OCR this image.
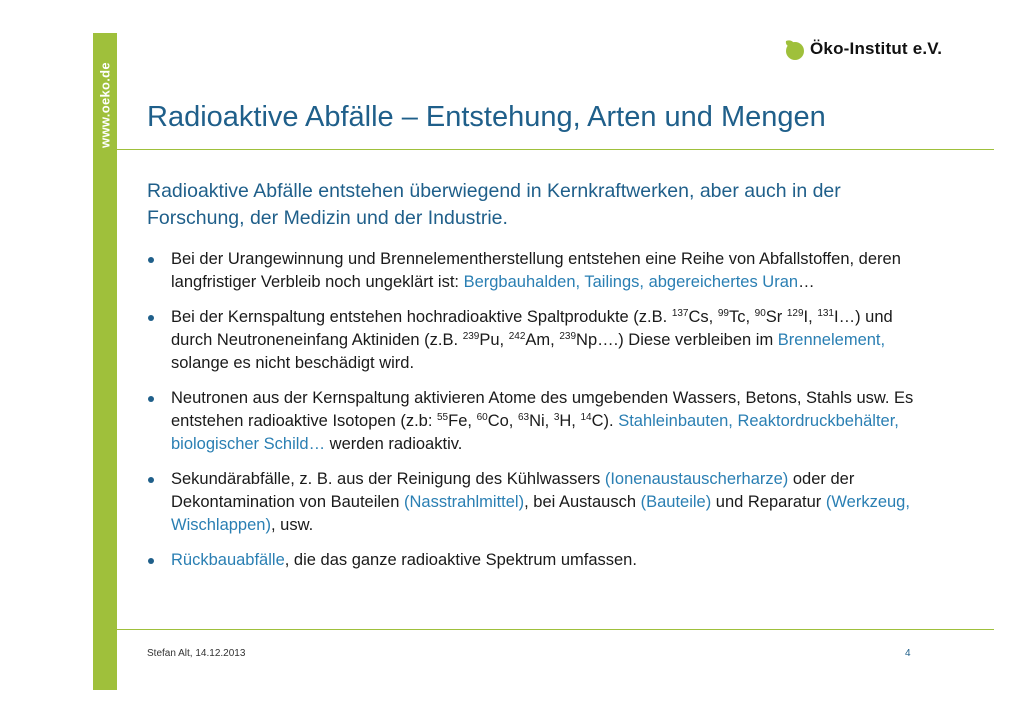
www.oeko.de
Öko-Institut e.V.
Radioaktive Abfälle – Entstehung, Arten und Mengen
Radioaktive Abfälle entstehen überwiegend in Kernkraftwerken, aber auch in der Forschung, der Medizin und der Industrie.
Bei der Urangewinnung und Brennelementherstellung entstehen eine Reihe von Abfallstoffen, deren langfristiger Verbleib noch ungeklärt ist: Bergbauhalden, Tailings, abgereichertes Uran…
Bei der Kernspaltung entstehen hochradioaktive Spaltprodukte (z.B. $^{137}$Cs, $^{99}$Tc, $^{90}$Sr $^{129}$I, $^{131}$I…) und durch Neutroneneinfang Aktiniden (z.B. $^{239}$Pu, $^{242}$Am, $^{239}$Np….) Diese verbleiben im Brennelement, solange es nicht beschädigt wird.
Neutronen aus der Kernspaltung aktivieren Atome des umgebenden Wassers, Betons, Stahls usw. Es entstehen radioaktive Isotopen (z.b: $^{55}$Fe, $^{60}$Co, $^{63}$Ni, $^3$H, $^{14}$C). Stahleinbauten, Reaktordruckbehälter, biologischer Schild… werden radioaktiv.
Sekundärabfälle, z. B. aus der Reinigung des Kühlwassers (Ionenaustauscherharze) oder der Dekontamination von Bauteilen (Nasstrahlmittel), bei Austausch (Bauteile) und Reparatur (Werkzeug, Wischlappen), usw.
Rückbauabfälle, die das ganze radioaktive Spektrum umfassen.
Stefan Alt, 14.12.2013	4
